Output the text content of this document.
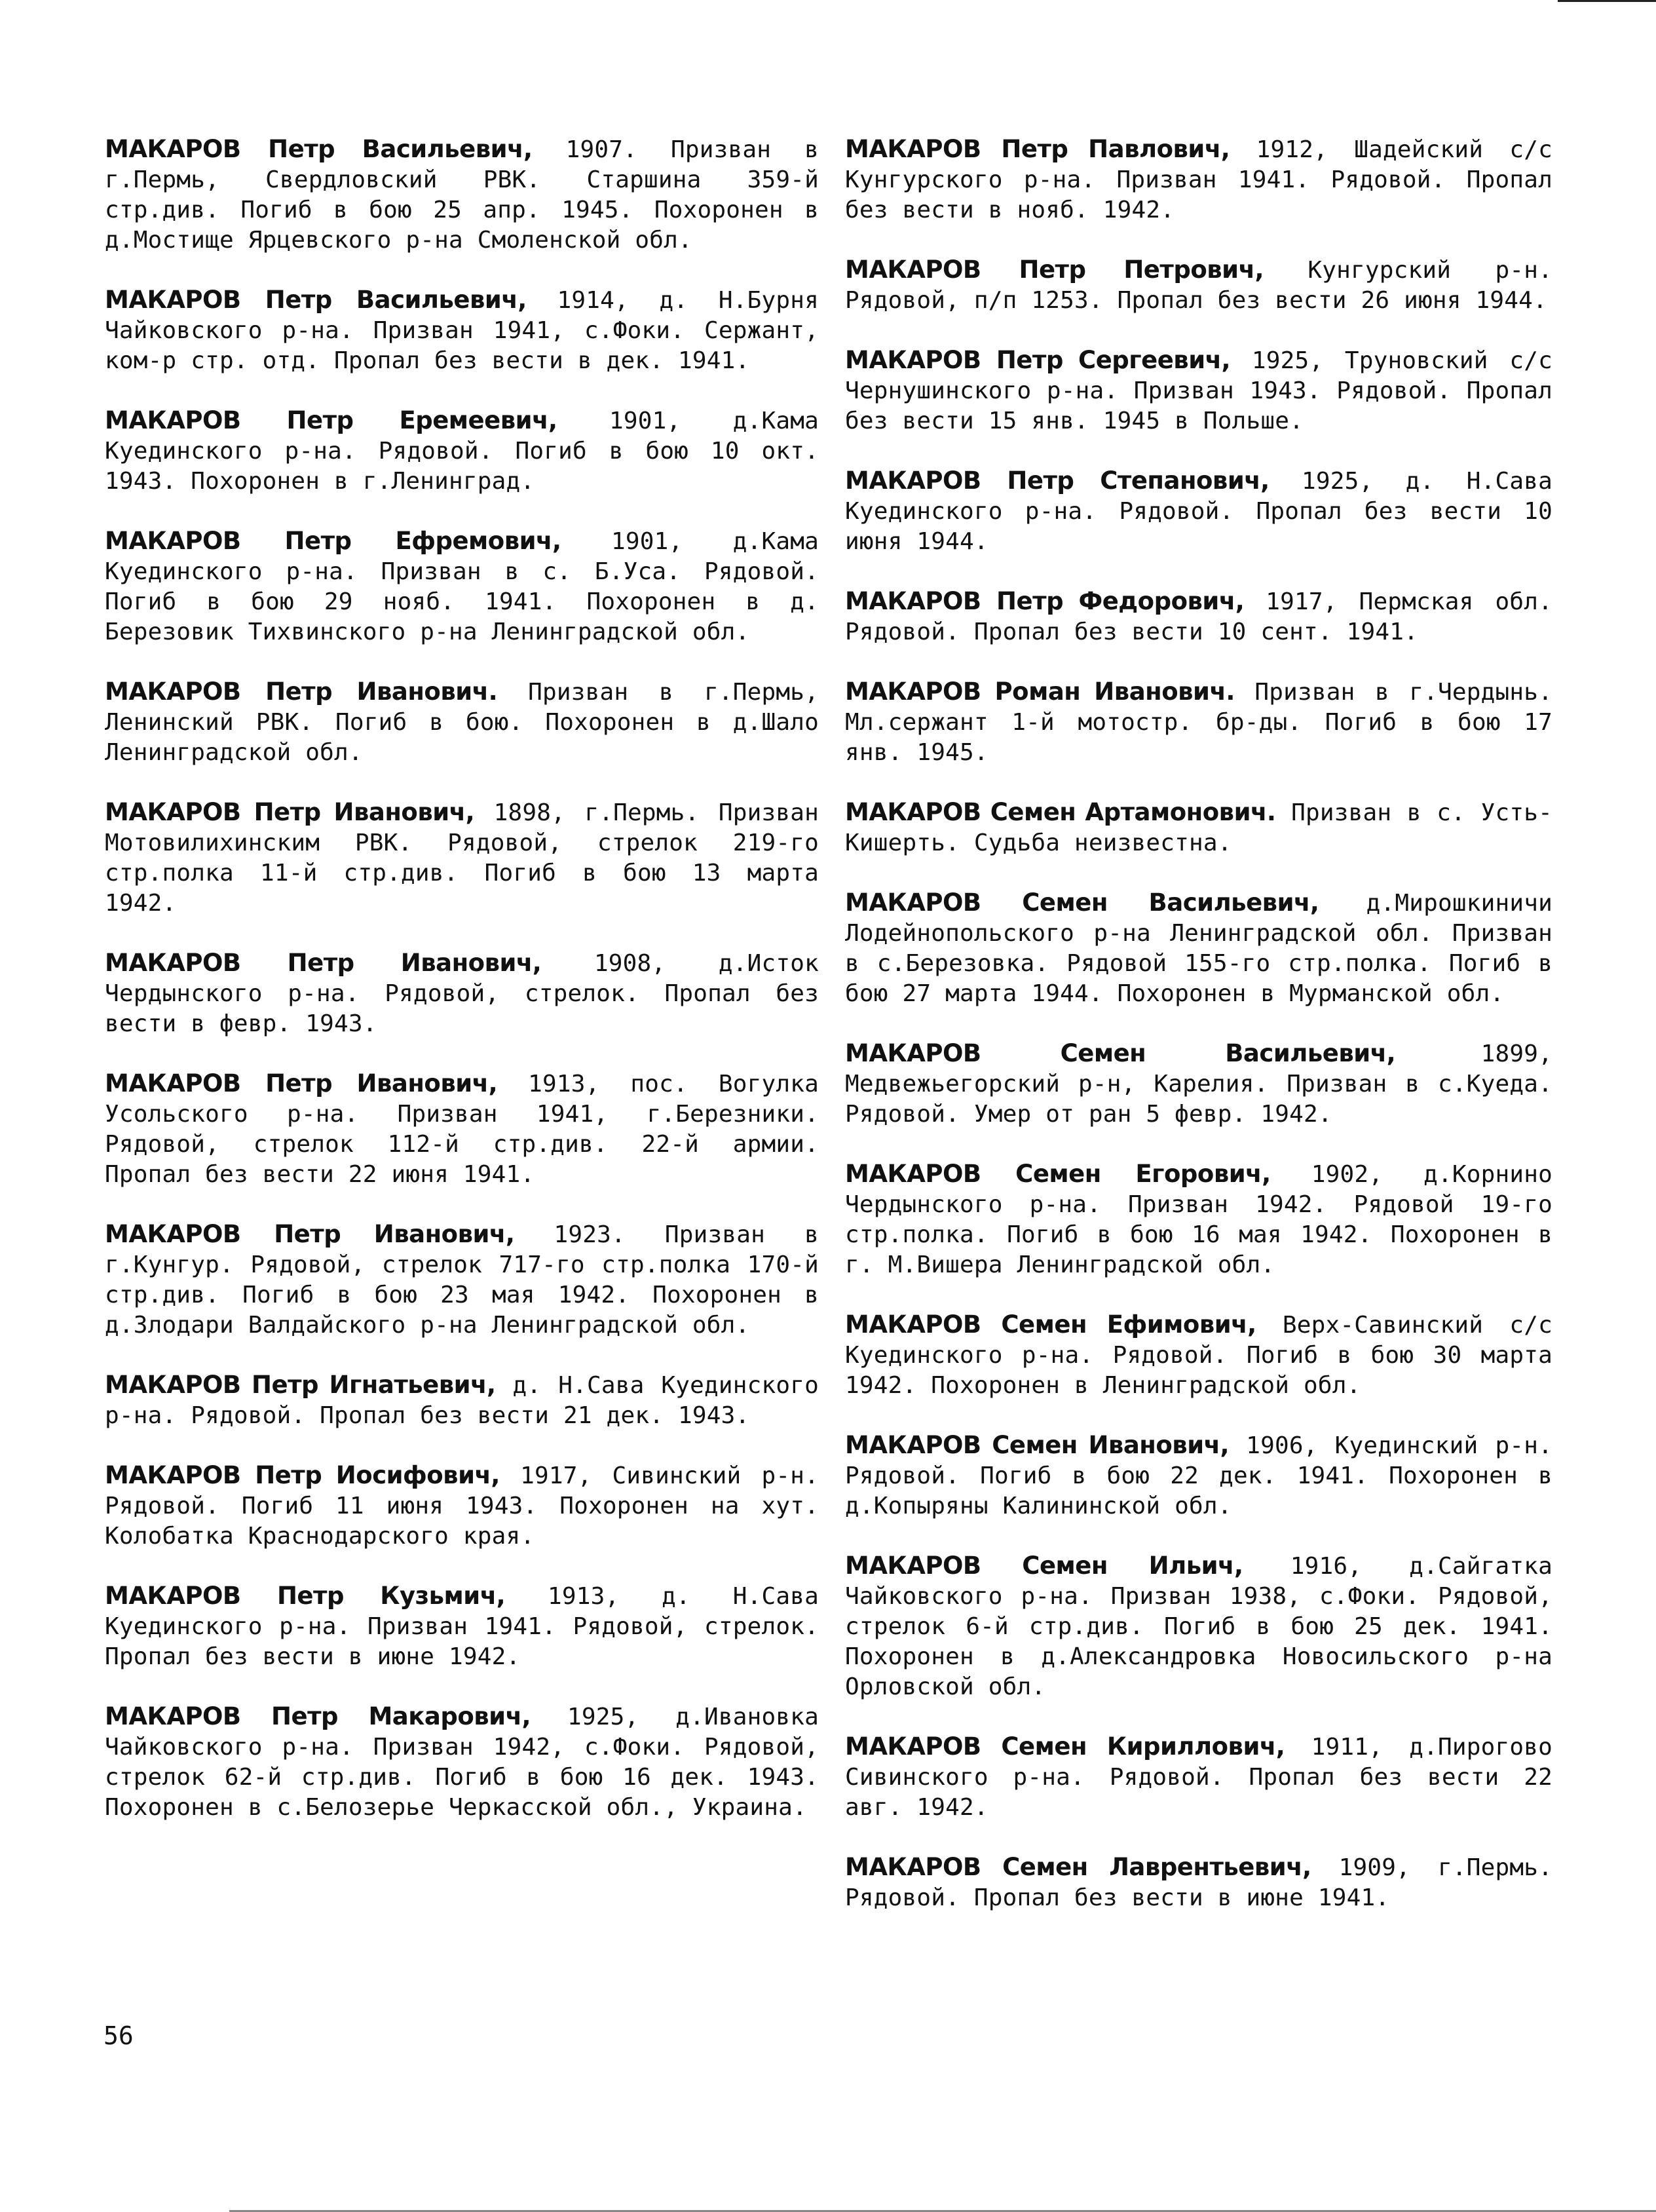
МАКАРОВ Петр Васильевич, 1907. Призван в г.Пермь, Свердловский РВК. Старшина 359-й стр.див. Погиб в бою 25 апр. 1945. Похоронен в д.Мостище Ярцевского р-на Смоленской обл.

МАКАРОВ Петр Васильевич, 1914, д. Н.Бурня Чайковского р-на. Призван 1941, с.Фоки. Сержант, ком-р стр. отд. Пропал без вести в дек. 1941.

МАКАРОВ Петр Еремеевич, 1901, д.Кама Куединского р-на. Рядовой. Погиб в бою 10 окт. 1943. Похоронен в г.Ленинград.

МАКАРОВ Петр Ефремович, 1901, д.Кама Куединского р-на. Призван в с. Б.Уса. Рядовой. Погиб в бою 29 нояб. 1941. Похоронен в д. Березовик Тихвинского р-на Ленинградской обл.

МАКАРОВ Петр Иванович. Призван в г.Пермь, Ленинский РВК. Погиб в бою. Похоронен в д.Шало Ленинградской обл.

МАКАРОВ Петр Иванович, 1898, г.Пермь. Призван Мотовилихинским РВК. Рядовой, стрелок 219-го стр.полка 11-й стр.див. Погиб в бою 13 марта 1942.

МАКАРОВ Петр Иванович, 1908, д.Исток Чердынского р-на. Рядовой, стрелок. Пропал без вести в февр. 1943.

МАКАРОВ Петр Иванович, 1913, пос. Вогулка Усольского р-на. Призван 1941, г.Березники. Рядовой, стрелок 112-й стр.див. 22-й армии. Пропал без вести 22 июня 1941.

МАКАРОВ Петр Иванович, 1923. Призван в г.Кунгур. Рядовой, стрелок 717-го стр.полка 170-й стр.див. Погиб в бою 23 мая 1942. Похоронен в д.Злодари Валдайского р-на Ленинградской обл.

МАКАРОВ Петр Игнатьевич, д. Н.Сава Куединского р-на. Рядовой. Пропал без вести 21 дек. 1943.

МАКАРОВ Петр Иосифович, 1917, Сивинский р-н. Рядовой. Погиб 11 июня 1943. Похоронен на хут. Колобатка Краснодарского края.

МАКАРОВ Петр Кузьмич, 1913, д. Н.Сава Куединского р-на. Призван 1941. Рядовой, стрелок. Пропал без вести в июне 1942.

МАКАРОВ Петр Макарович, 1925, д.Ивановка Чайковского р-на. Призван 1942, с.Фоки. Рядовой, стрелок 62-й стр.див. Погиб в бою 16 дек. 1943. Похоронен в с.Белозерье Черкасской обл., Украина.

МАКАРОВ Петр Павлович, 1912, Шадейский с/с Кунгурского р-на. Призван 1941. Рядовой. Пропал без вести в нояб. 1942.

МАКАРОВ Петр Петрович, Кунгурский р-н. Рядовой, п/п 1253. Пропал без вести 26 июня 1944.

МАКАРОВ Петр Сергеевич, 1925, Труновский с/с Чернушинского р-на. Призван 1943. Рядовой. Пропал без вести 15 янв. 1945 в Польше.

МАКАРОВ Петр Степанович, 1925, д. Н.Сава Куединского р-на. Рядовой. Пропал без вести 10 июня 1944.

МАКАРОВ Петр Федорович, 1917, Пермская обл. Рядовой. Пропал без вести 10 сент. 1941.

МАКАРОВ Роман Иванович. Призван в г.Чердынь. Мл.сержант 1-й мотостр. бр-ды. Погиб в бою 17 янв. 1945.

МАКАРОВ Семен Артамонович. Призван в с. Усть-Кишерть. Судьба неизвестна.

МАКАРОВ Семен Васильевич, д.Мирошкиничи Лодейнопольского р-на Ленинградской обл. Призван в с.Березовка. Рядовой 155-го стр.полка. Погиб в бою 27 марта 1944. Похоронен в Мурманской обл.

МАКАРОВ Семен Васильевич,	1899, Медвежьегорский р-н, Карелия. Призван в с.Куеда. Рядовой. Умер от ран 5 февр. 1942.

МАКАРОВ Семен Егорович, 1902, д.Корнино Чердынского р-на. Призван 1942. Рядовой 19-го стр.полка. Погиб в бою 16 мая 1942. Похоронен в г. М.Вишера Ленинградской обл.

МАКАРОВ Семен Ефимович, Верх-Савинский с/с Куединского р-на. Рядовой. Погиб в бою 30 марта 1942. Похоронен в Ленинградской обл.

МАКАРОВ Семен Иванович, 1906, Куединский р-н. Рядовой. Погиб в бою 22 дек. 1941. Похоронен в д.Копыряны Калининской обл.

МАКАРОВ Семен Ильич, 1916, д.Сайгатка Чайковского р-на. Призван 1938, с.Фоки. Рядовой, стрелок 6-й стр.див. Погиб в бою 25 дек. 1941. Похоронен в д.Александровка Новосильского р-на Орловской обл.

МАКАРОВ Семен Кириллович, 1911, д.Пирогово Сивинского р-на. Рядовой. Пропал без вести 22 авг. 1942.

МАКАРОВ Семен Лаврентьевич, 1909, г.Пермь. Рядовой. Пропал без вести в июне 1941.

56
